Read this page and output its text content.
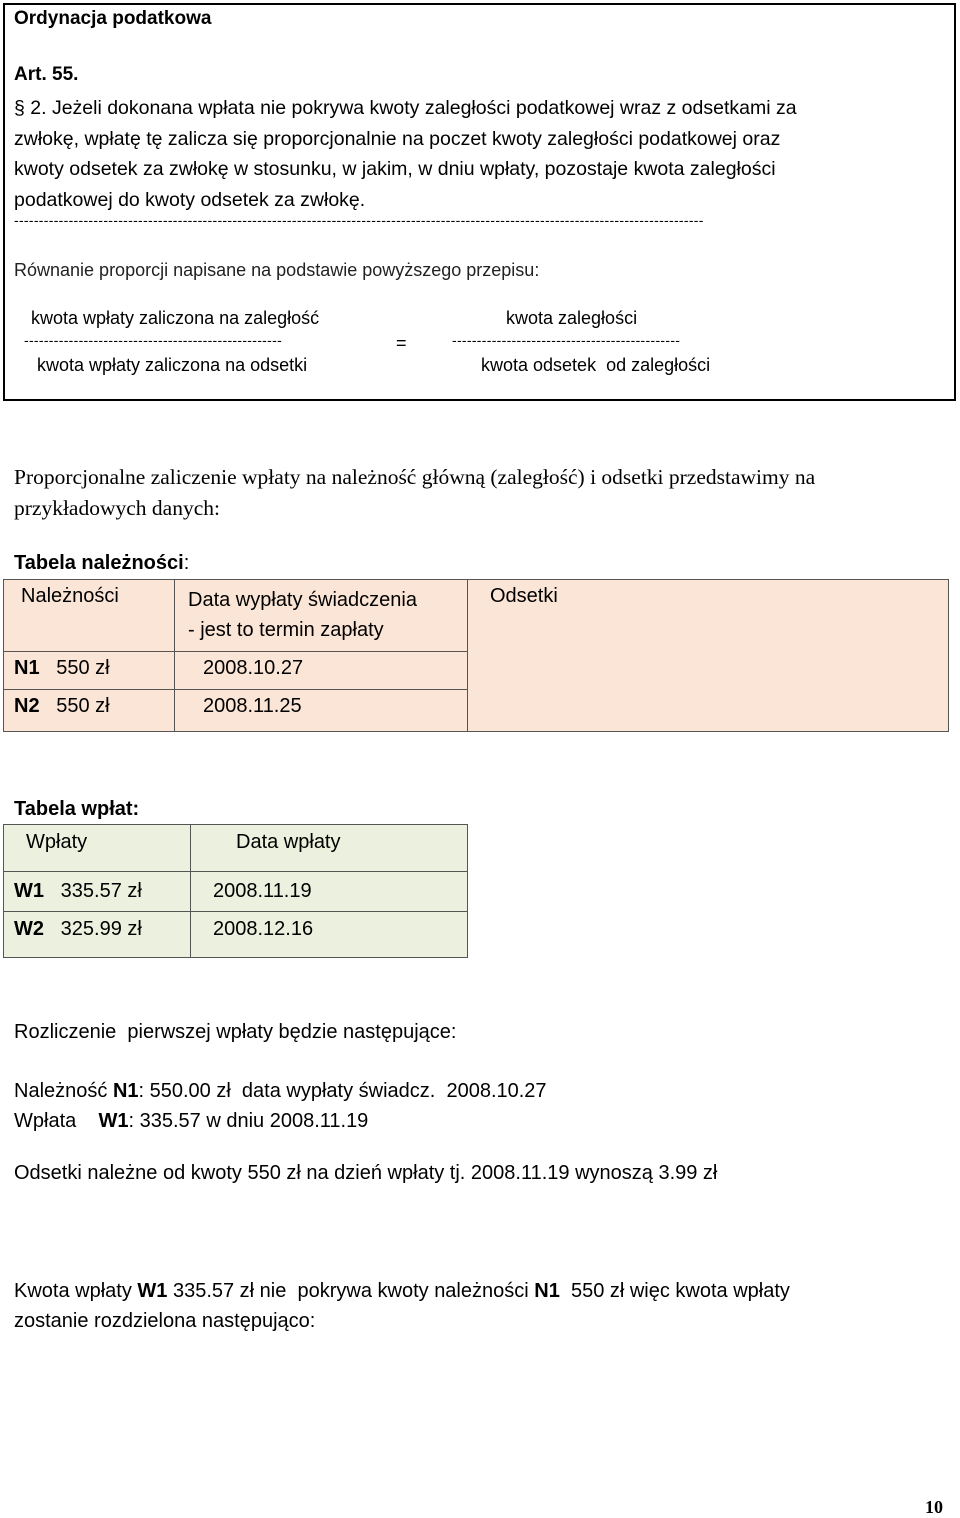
Ordynacja podatkowa
Art. 55.
§ 2. Jeżeli dokonana wpłata nie pokrywa kwoty zaległości podatkowej wraz z odsetkami za
zwłokę, wpłatę tę zalicza się proporcjonalnie na poczet kwoty zaległości podatkowej oraz
kwoty odsetek za zwłokę w stosunku, w jakim, w dniu wpłaty, pozostaje kwota zaległości
podatkowej do kwoty odsetek za zwłokę.
-------------------------------------------------------------------------------------------------------------------------------------------
Równanie proporcji napisane na podstawie powyższego przepisu:
kwota wpłaty zaliczona na zaległość
----------------------------------------------------
kwota wpłaty zaliczona na odsetki
=
kwota zaległości
----------------------------------------------
kwota odsetek  od zaległości
Proporcjonalne zaliczenie wpłaty na należność główną (zaległość) i odsetki przedstawimy na
przykładowych danych:
Tabela należności:
Należności	Data wypłaty świadczenia
- jest to termin zapłaty	Odsetki

N1 550 zł	2008.10.27	

N2 550 zł	2008.11.25	
Tabela wpłat:
Wpłaty	Data wpłaty

W1 335.57 zł	2008.11.19

W2 325.99 zł	2008.12.16
Rozliczenie  pierwszej wpłaty będzie następujące:
Należność N1: 550.00 zł  data wypłaty świadcz.  2008.10.27
Wpłata    W1: 335.57 w dniu 2008.11.19
Odsetki należne od kwoty 550 zł na dzień wpłaty tj. 2008.11.19 wynoszą 3.99 zł
Kwota wpłaty W1 335.57 zł nie  pokrywa kwoty należności N1  550 zł więc kwota wpłaty
zostanie rozdzielona następująco:
10
